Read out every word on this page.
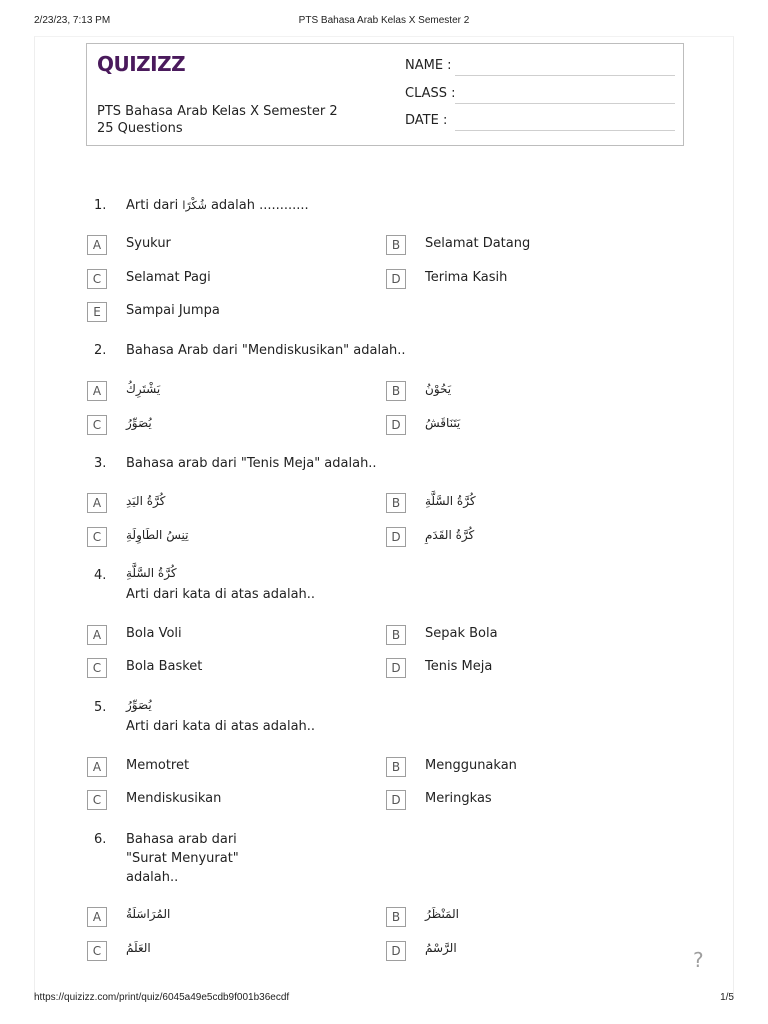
2/23/23, 7:13 PM	PTS Bahasa Arab Kelas X Semester 2
QUIZIZZ
PTS Bahasa Arab Kelas X Semester 2
25 Questions
NAME :
CLASS :
DATE :
1. Arti dari شُكْرًا adalah ............
A	Syukur	B	Selamat Datang
C	Selamat Pagi	D	Terima Kasih
E	Sampai Jumpa
2. Bahasa Arab dari "Mendiskusikan" adalah..
A	يَشْتَرِكُ	B	يَحُوْنُ
C	يُصَوِّرُ	D	يَتَنَاقَشُ
3. Bahasa arab dari "Tenis Meja" adalah..
A	كُرَّةُ اليَدِ	B	كُرَّةُ السَّلَّةِ
C	تِنِسُ الطَاوِلَةِ	D	كُرَّةُ القَدَمِ
4. كُرَّةُ السَّلَّةِ
Arti dari kata di atas adalah..
A	Bola Voli	B	Sepak Bola
C	Bola Basket	D	Tenis Meja
5. يُصَوِّرُ
Arti dari kata di atas adalah..
A	Memotret	B	Menggunakan
C	Mendiskusikan	D	Meringkas
6. Bahasa arab dari
"Surat Menyurat"
adalah..
A	المُرَاسَلَةُ	B	المَنْظَرُ
C	العَلَمُ	D	الرَّسْمُ	?
https://quizizz.com/print/quiz/6045a49e5cdb9f001b36ecdf	1/5
